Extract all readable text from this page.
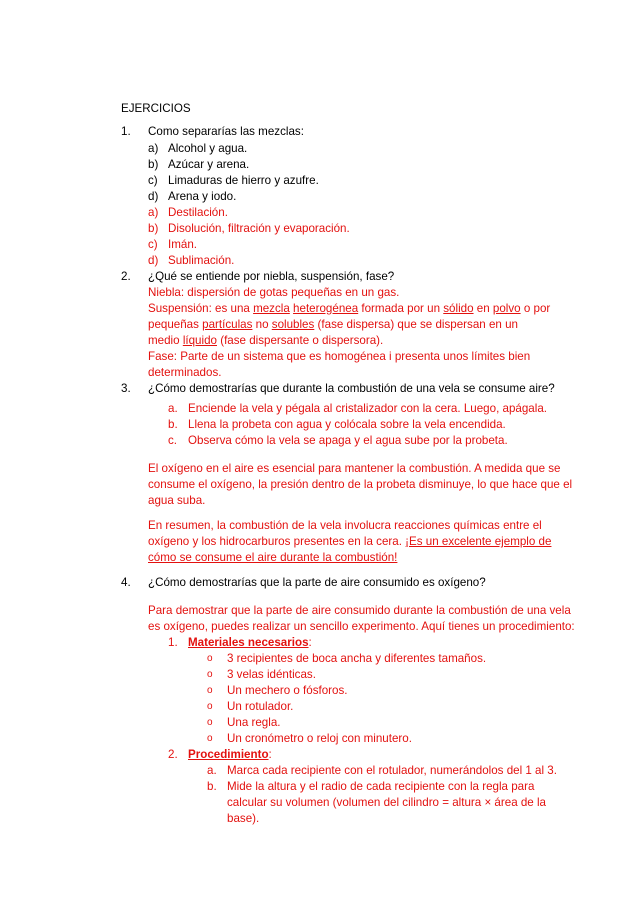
EJERCICIOS
1. Como separarías las mezclas:
a) Alcohol y agua.
b) Azúcar y arena.
c) Limaduras de hierro y azufre.
d) Arena y iodo.
a) Destilación.
b) Disolución, filtración y evaporación.
c) Imán.
d) Sublimación.
2. ¿Qué se entiende por niebla, suspensión, fase?
Niebla: dispersión de gotas pequeñas en un gas.
Suspensión: es una mezcla heterogénea formada por un sólido en polvo o por
pequeñas partículas no solubles (fase dispersa) que se dispersan en un
medio líquido (fase dispersante o dispersora).
Fase: Parte de un sistema que es homogénea i presenta unos límites bien
determinados.
3. ¿Cómo demostrarías que durante la combustión de una vela se consume aire?
a. Enciende la vela y pégala al cristalizador con la cera. Luego, apágala.
b. Llena la probeta con agua y colócala sobre la vela encendida.
c. Observa cómo la vela se apaga y el agua sube por la probeta.
El oxígeno en el aire es esencial para mantener la combustión. A medida que se
consume el oxígeno, la presión dentro de la probeta disminuye, lo que hace que el
agua suba.
En resumen, la combustión de la vela involucra reacciones químicas entre el
oxígeno y los hidrocarburos presentes en la cera. ¡Es un excelente ejemplo de
cómo se consume el aire durante la combustión!
4. ¿Cómo demostrarías que la parte de aire consumido es oxígeno?
Para demostrar que la parte de aire consumido durante la combustión de una vela
es oxígeno, puedes realizar un sencillo experimento. Aquí tienes un procedimiento:
1. Materiales necesarios:
o 3 recipientes de boca ancha y diferentes tamaños.
o 3 velas idénticas.
o Un mechero o fósforos.
o Un rotulador.
o Una regla.
o Un cronómetro o reloj con minutero.
2. Procedimiento:
a. Marca cada recipiente con el rotulador, numerándolos del 1 al 3.
b. Mide la altura y el radio de cada recipiente con la regla para
calcular su volumen (volumen del cilindro = altura × área de la
base).
